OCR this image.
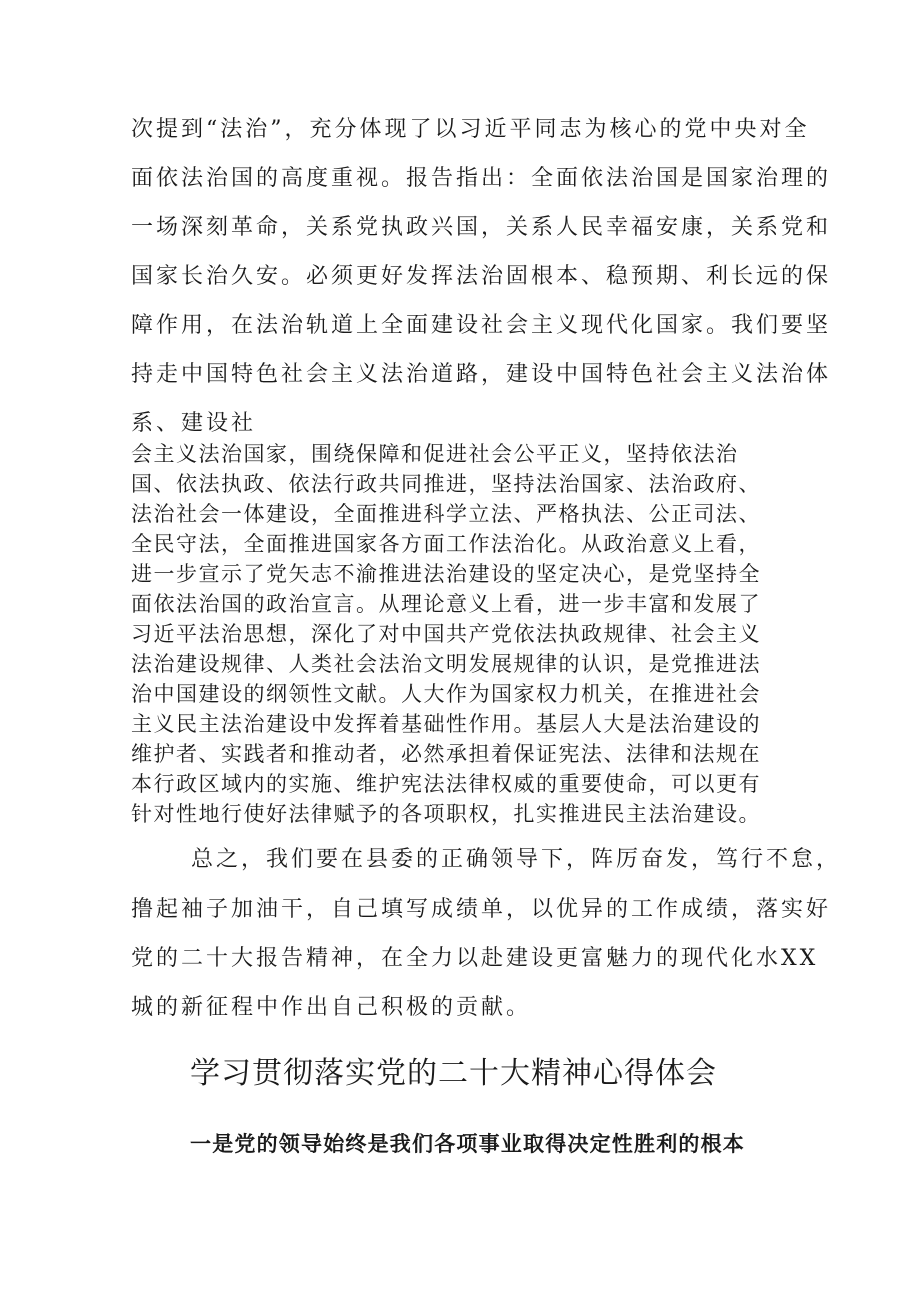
次提到“法治”，充分体现了以习近平同志为核心的党中央对全

面依法治国的高度重视。报告指出：全面依法治国是国家治理的

一场深刻革命，关系党执政兴国，关系人民幸福安康，关系党和

国家长治久安。必须更好发挥法治固根本、稳预期、利长远的保

障作用，在法治轨道上全面建设社会主义现代化国家。我们要坚

持走中国特色社会主义法治道路，建设中国特色社会主义法治体

系、建设社

会主义法治国家，围绕保障和促进社会公平正义，坚持依法治

国、依法执政、依法行政共同推进，坚持法治国家、法治政府、

法治社会一体建设，全面推进科学立法、严格执法、公正司法、

全民守法，全面推进国家各方面工作法治化。从政治意义上看，

进一步宣示了党矢志不渝推进法治建设的坚定决心，是党坚持全

面依法治国的政治宣言。从理论意义上看，进一步丰富和发展了

习近平法治思想，深化了对中国共产党依法执政规律、社会主义

法治建设规律、人类社会法治文明发展规律的认识，是党推进法

治中国建设的纲领性文献。人大作为国家权力机关，在推进社会

主义民主法治建设中发挥着基础性作用。基层人大是法治建设的

维护者、实践者和推动者，必然承担着保证宪法、法律和法规在

本行政区域内的实施、维护宪法法律权威的重要使命，可以更有

针对性地行使好法律赋予的各项职权，扎实推进民主法治建设。

总之，我们要在县委的正确领导下，阵厉奋发，笃行不怠，

撸起袖子加油干，自己填写成绩单，以优异的工作成绩，落实好

党的二十大报告精神，在全力以赴建设更富魅力的现代化水XX

城的新征程中作出自己积极的贡献。

学习贯彻落实党的二十大精神心得体会
一是党的领导始终是我们各项事业取得决定性胜利的根本
